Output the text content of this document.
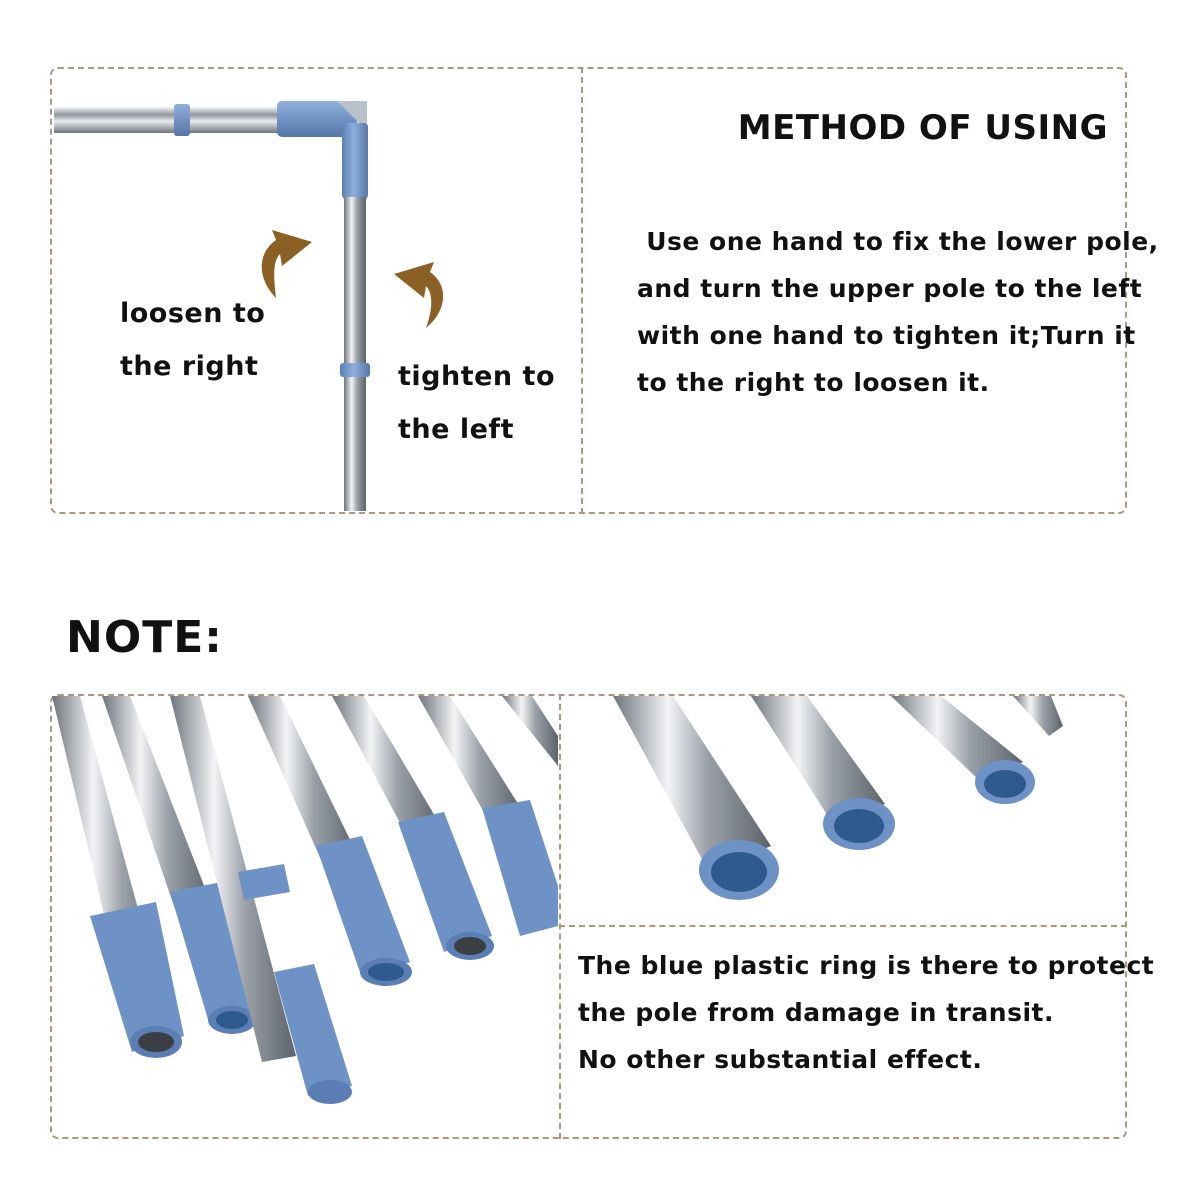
loosen to
the right	tighten to
the left
METHOD OF USING
Use one hand to fix the lower pole,
and turn the upper pole to the left
with one hand to tighten it;Turn it
to the right to loosen it.
NOTE:
The blue plastic ring is there to protect
the pole from damage in transit.
No other substantial effect.
